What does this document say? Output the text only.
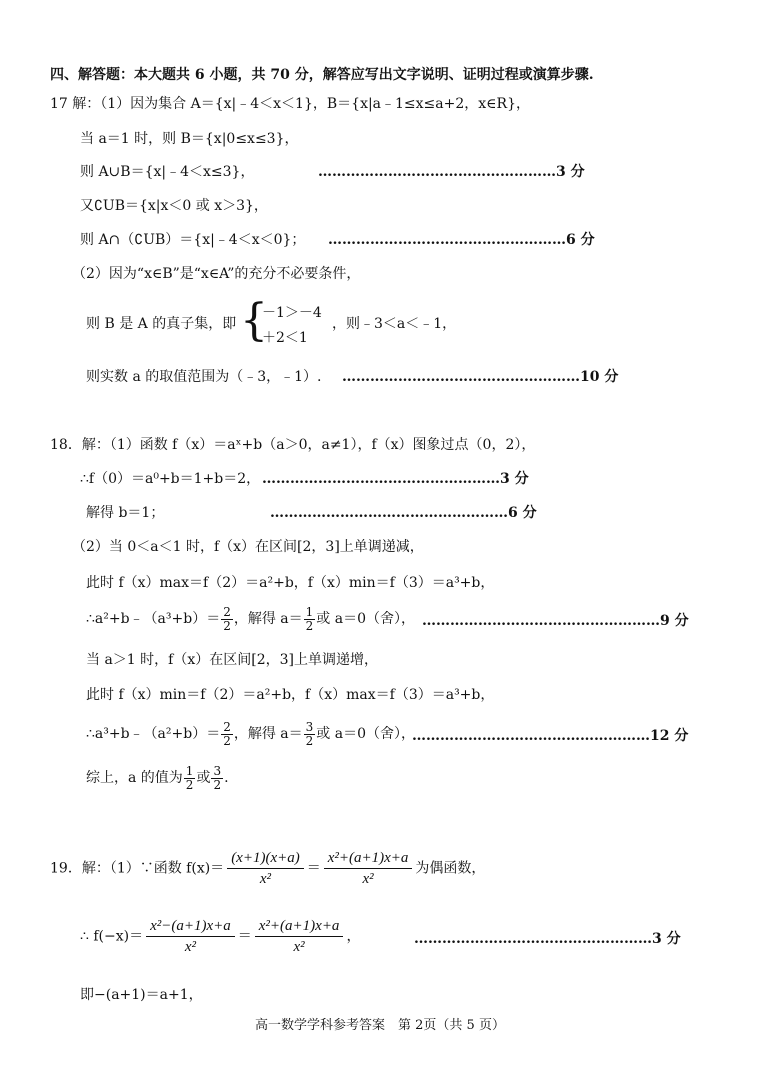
四、解答题：本大题共 6 小题，共 70 分，解答应写出文字说明、证明过程或演算步骤.
17 解：（1）因为集合 A＝{x|﹣4＜x＜1}，B＝{x|a﹣1≤x≤a+2，x∈R}，
当 a＝1 时，则 B＝{x|0≤x≤3}，
则 A∪B＝{x|﹣4＜x≤3}，	……………………………………………3 分
又∁UB＝{x|x＜0 或 x＞3}，
则 A∩（∁UB）＝{x|﹣4＜x＜0}； ……………………………………………6 分
（2）因为“x∈B”是“x∈A”的充分不必要条件，
则 B 是 A 的真子集，即 {
－1＞－4
＋2＜1
，则﹣3＜a＜﹣1，
则实数 a 的取值范围为（﹣3，﹣1）. ……………………………………………10 分
18．解：（1）函数 f（x）＝aˣ+b（a＞0，a≠1），f（x）图象过点（0，2），
∴f（0）＝a⁰+b＝1+b＝2， ……………………………………………3 分
解得 b＝1；	……………………………………………6 分
（2）当 0＜a＜1 时，f（x）在区间[2，3]上单调递减，
此时 f（x）max＝f（2）＝a²+b，f（x）min＝f（3）＝a³+b，
∴a²+b﹣（a³+b）＝ $\frac{2}{2}$ ，解得 $a= \frac{1}{2}$ 或 a＝0（舍）， ……………………………………………9 分
当 a＞1 时，f（x）在区间[2，3]上单调递增，
此时 f（x）min＝f（2）＝a²+b，f（x）max＝f（3）＝a³+b，
∴a³+b﹣（a²+b）＝ $\frac{2}{2}$ ，解得 $a= \frac{3}{2}$ 或 a＝0（舍），
……………………………………………12 分
综上，a 的值为 $\frac{1}{2}$ 或 $\frac{3}{2}$ .
19．解：（1）∵函数 $f(x)= \frac{(x+1)(x+a)}{\text{x²}} = \frac{\text{x²+(a+1)x+a}}{\text{x²}}$ 为偶函数，
∴ $f(-x)= \frac{\text{x²−(a+1)x+a}}{\text{x²}} = \frac{\text{x²+(a+1)x+a}}{\text{x²}}$ ，	……………………………………………3 分
即−(a+1)＝a+1，
高一数学学科参考答案　第 2页（共 5 页）
